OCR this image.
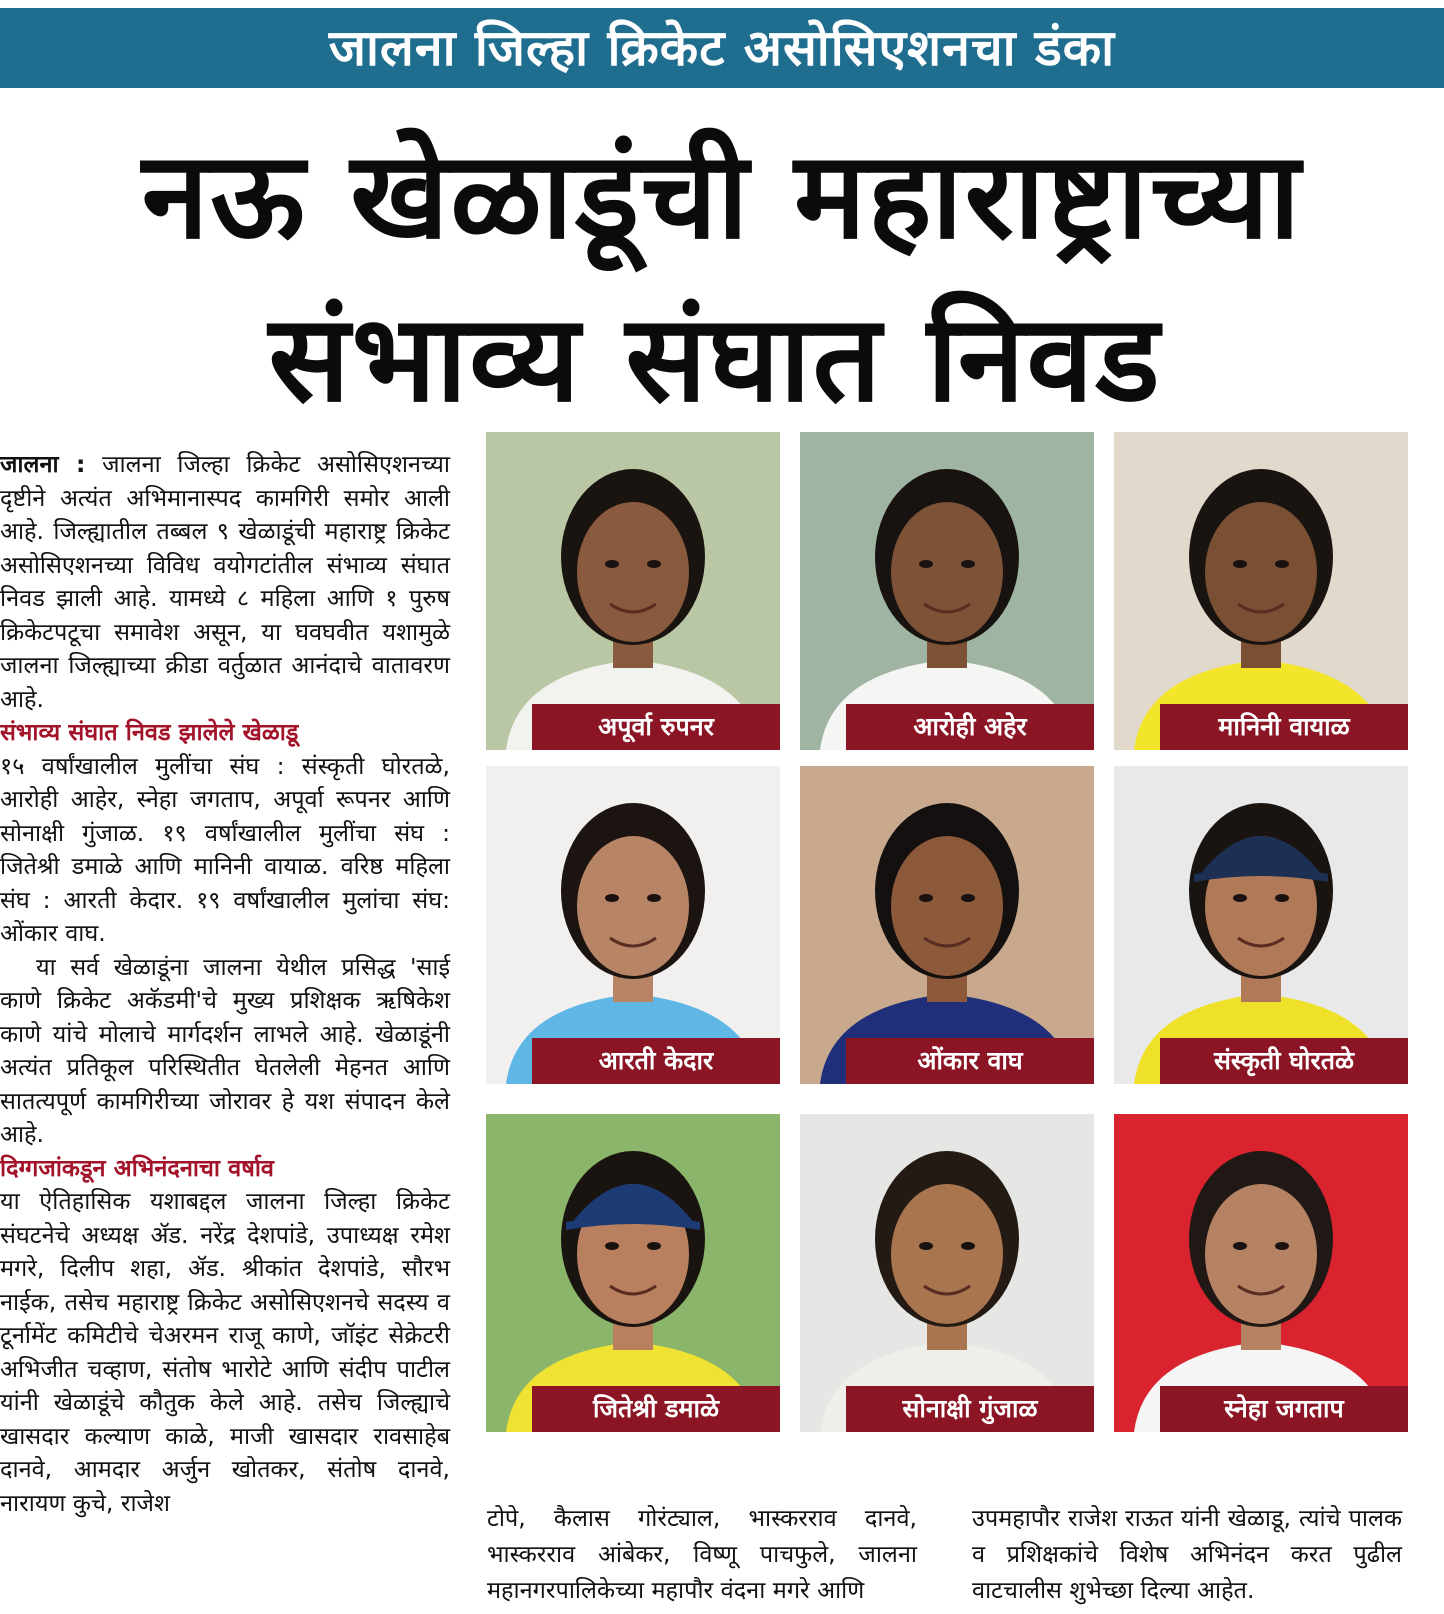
जालना जिल्हा क्रिकेट असोसिएशनचा डंका
नऊ खेळाडूंची महाराष्ट्राच्या
संभाव्य संघात निवड

जालना : जालना जिल्हा क्रिकेट असोसिएशनच्या दृष्टीने अत्यंत अभिमानास्पद कामगिरी समोर आली आहे. जिल्ह्यातील तब्बल ९ खेळाडूंची महाराष्ट्र क्रिकेट असोसिएशनच्या विविध वयोगटांतील संभाव्य संघात निवड झाली आहे. यामध्ये ८ महिला आणि १ पुरुष क्रिकेटपटूचा समावेश असून, या घवघवीत यशामुळे जालना जिल्ह्याच्या क्रीडा वर्तुळात आनंदाचे वातावरण आहे.

संभाव्य संघात निवड झालेले खेळाडू

१५ वर्षांखालील मुलींचा संघ : संस्कृती घोरतळे, आरोही आहेर, स्नेहा जगताप, अपूर्वा रूपनर आणि सोनाक्षी गुंजाळ. १९ वर्षांखालील मुलींचा संघ : जितेश्री डमाळे आणि मानिनी वायाळ. वरिष्ठ महिला संघ : आरती केदार. १९ वर्षांखालील मुलांचा संघ: ओंकार वाघ.

या सर्व खेळाडूंना जालना येथील प्रसिद्ध 'साई काणे क्रिकेट अकॅडमी'चे मुख्य प्रशिक्षक ऋषिकेश काणे यांचे मोलाचे मार्गदर्शन लाभले आहे. खेळाडूंनी अत्यंत प्रतिकूल परिस्थितीत घेतलेली मेहनत आणि सातत्यपूर्ण कामगिरीच्या जोरावर हे यश संपादन केले आहे.

दिग्गजांकडून अभिनंदनाचा वर्षाव

या ऐतिहासिक यशाबद्दल जालना जिल्हा क्रिकेट संघटनेचे अध्यक्ष ॲड. नरेंद्र देशपांडे, उपाध्यक्ष रमेश मगरे, दिलीप शहा, ॲड. श्रीकांत देशपांडे, सौरभ नाईक, तसेच महाराष्ट्र क्रिकेट असोसिएशनचे सदस्य व टूर्नामेंट कमिटीचे चेअरमन राजू काणे, जॉइंट सेक्रेटरी अभिजीत चव्हाण, संतोष भारोटे आणि संदीप पाटील यांनी खेळाडूंचे कौतुक केले आहे. तसेच जिल्ह्याचे खासदार कल्याण काळे, माजी खासदार रावसाहेब दानवे, आमदार अर्जुन खोतकर, संतोष दानवे, नारायण कुचे, राजेश

अपूर्वा रुपनर	आरोही अहेर	मानिनी वायाळ
आरती केदार	ओंकार वाघ	संस्कृती घोरतळे
जितेश्री डमाळे	सोनाक्षी गुंजाळ	स्नेहा जगताप

टोपे, कैलास गोरंट्याल, भास्करराव दानवे, भास्करराव आंबेकर, विष्णू पाचफुले, जालना महानगरपालिकेच्या महापौर वंदना मगरे आणि

उपमहापौर राजेश राऊत यांनी खेळाडू, त्यांचे पालक व प्रशिक्षकांचे विशेष अभिनंदन करत पुढील वाटचालीस शुभेच्छा दिल्या आहेत.
